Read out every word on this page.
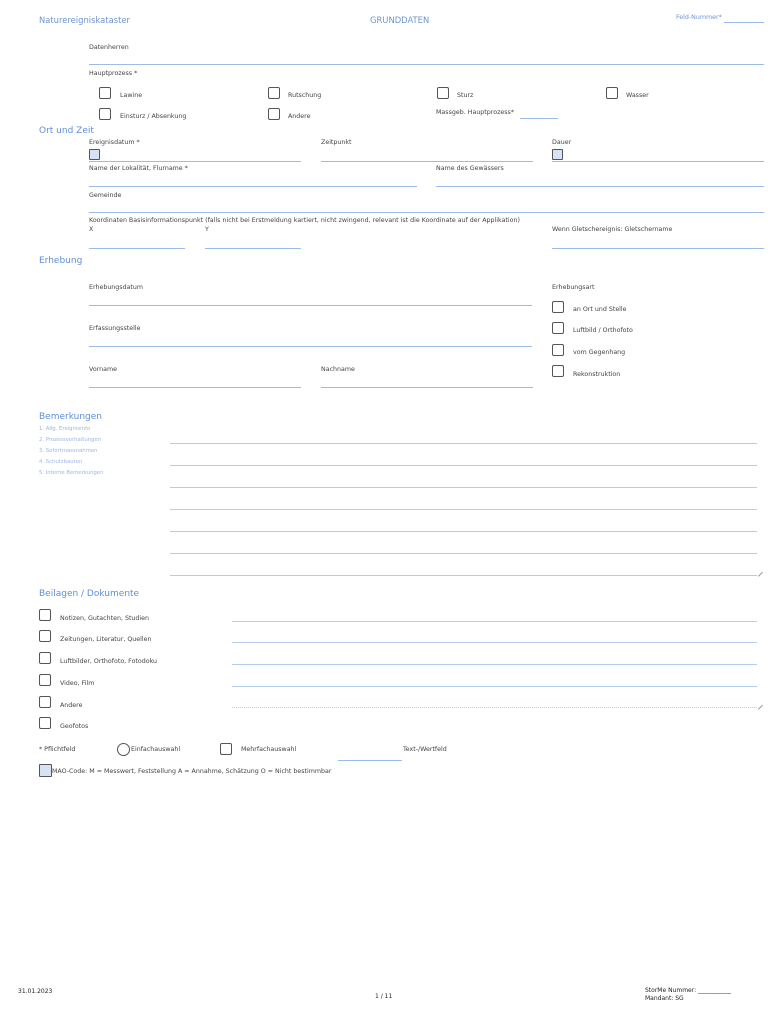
Naturereigniskataster	GRUNDDATEN	Feld-Nummer*
Datenherren
Hauptprozess *
Lawine	Rutschung	Sturz	Wasser
Einsturz / Absenkung	Andere
Massgeb. Hauptprozess*
Ort und Zeit
Ereignisdatum *	Zeitpunkt	Dauer
Name der Lokalität, Flurname *	Name des Gewässers
Gemeinde
Koordinaten Basisinformationspunkt (falls nicht bei Erstmeldung kartiert, nicht zwingend, relevant ist die Koordinate auf der Applikation)
X	Y	Wenn Gletschereignis: Gletschername
Erhebung
Erhebungsdatum	Erhebungsart
an Ort und Stelle
Luftbild / Orthofoto
vom Gegenhang
Rekonstruktion
Erfassungsstelle
Vorname	Nachname
Bemerkungen
1. Allg. Ereignisinfo
2. Prozessverhaltungen
3. Sofortmassnahmen
4. Schutzbauten
5. Interne Bemerkungen
Beilagen / Dokumente
Notizen, Gutachten, Studien
Zeitungen, Literatur, Quellen
Luftbilder, Orthofoto, Fotodoku
Video, Film
Andere
Geofotos
* Pflichtfeld	Einfachauswahl	Mehrfachauswahl	Text-/Wertfeld
MAO-Code: M = Messwert, Feststellung A = Annahme, Schätzung O = Nicht bestimmbar
31.01.2023
1 / 11
StorMe Nummer: ___________
Mandant: SG
